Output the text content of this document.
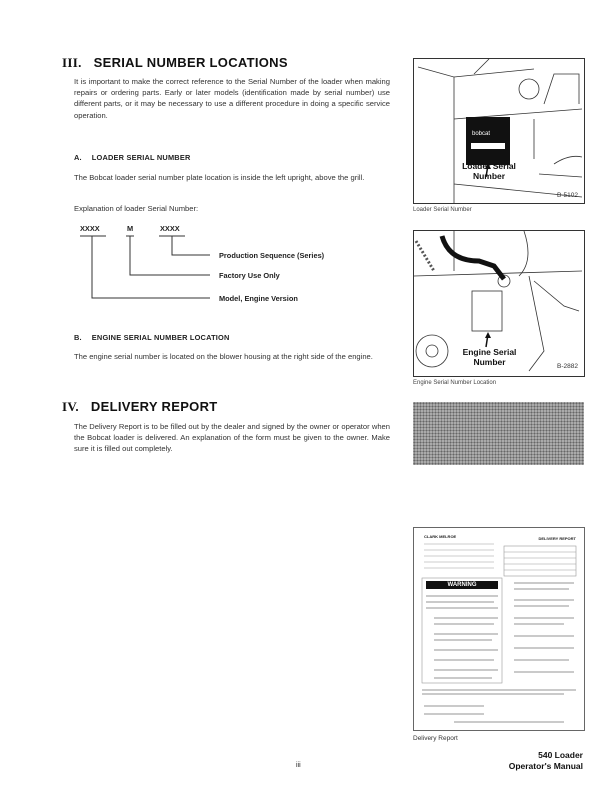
III. SERIAL NUMBER LOCATIONS
It is important to make the correct reference to the Serial Number of the loader when making repairs or ordering parts. Early or later models (identification made by serial number) use different parts, or it may be necessary to use a different procedure in doing a specific service operation.
A. LOADER SERIAL NUMBER
The Bobcat loader serial number plate location is inside the left upright, above the grill.
Explanation of loader Serial Number:
XXXX	M	XXXX
Production Sequence (Series)
Factory Use Only
Model, Engine Version
B. ENGINE SERIAL NUMBER LOCATION
The engine serial number is located on the blower housing at the right side of the engine.
IV. DELIVERY REPORT
The Delivery Report is to be filled out by the dealer and signed by the owner or operator when the Bobcat loader is delivered. An explanation of the form must be given to the owner. Make sure it is filled out completely.
bobcat
Loader Serial
Number
B-5102
Loader Serial Number
Engine Serial
Number	B-2882
Engine Serial Number Location
CLARK MELROE	DELIVERY REPORT
WARNING
Delivery Report
iii
540 Loader
Operator's Manual
